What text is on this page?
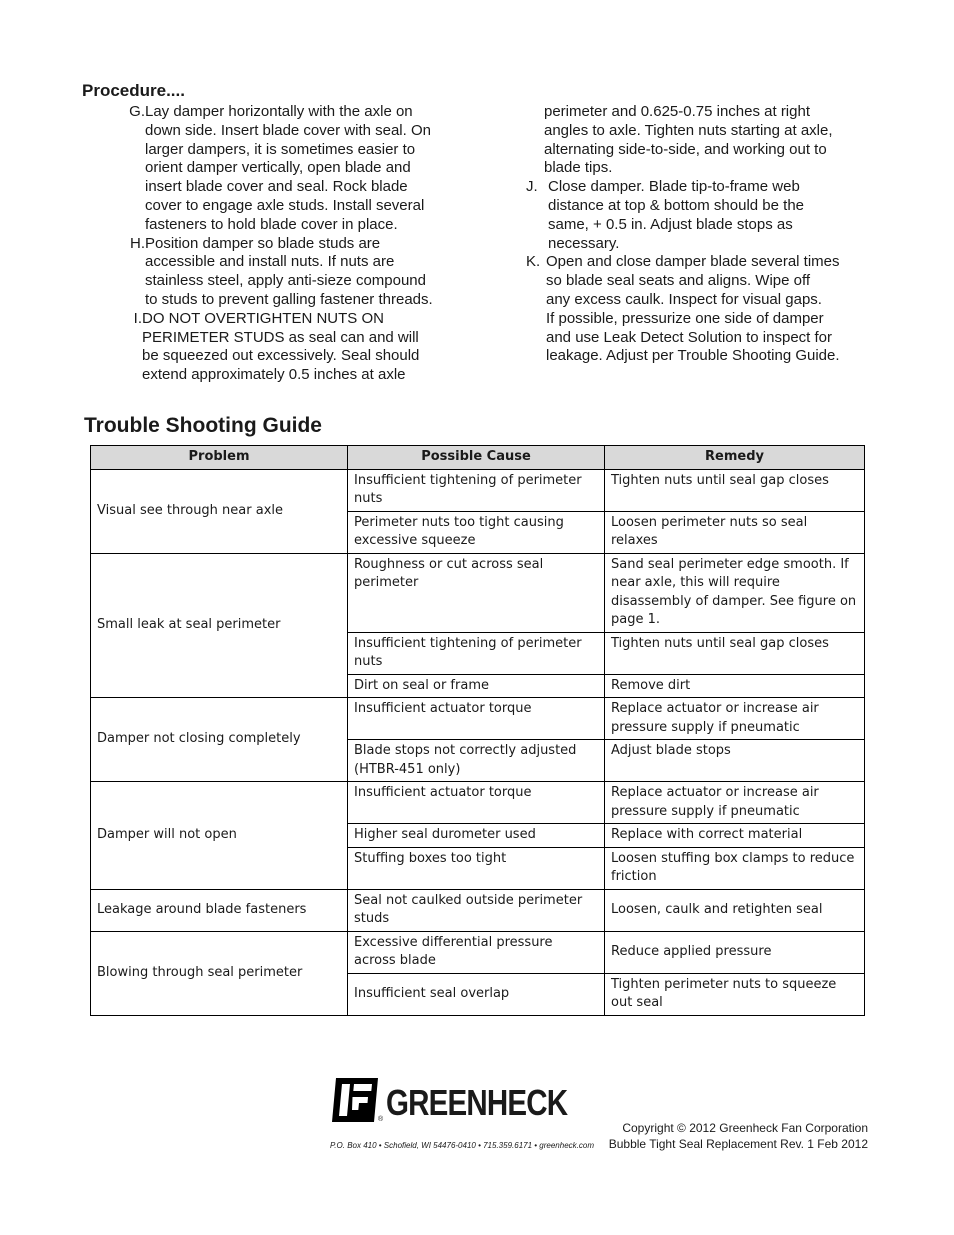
Procedure....
G. Lay damper horizontally with the axle on
down side. Insert blade cover with seal. On
larger dampers, it is sometimes easier to
orient damper vertically, open blade and
insert blade cover and seal. Rock blade
cover to engage axle studs. Install several
fasteners to hold blade cover in place.
H. Position damper so blade studs are
accessible and install nuts. If nuts are
stainless steel, apply anti-sieze compound
to studs to prevent galling fastener threads.
I. DO NOT OVERTIGHTEN NUTS ON
PERIMETER STUDS as seal can and will
be squeezed out excessively. Seal should
extend approximately 0.5 inches at axle
perimeter and 0.625-0.75 inches at right
angles to axle. Tighten nuts starting at axle,
alternating side-to-side, and working out to
blade tips.
J. Close damper. Blade tip-to-frame web
distance at top & bottom should be the
same, + 0.5 in. Adjust blade stops as
necessary.
K. Open and close damper blade several times
so blade seal seats and aligns. Wipe off
any excess caulk. Inspect for visual gaps.
If possible, pressurize one side of damper
and use Leak Detect Solution to inspect for
leakage. Adjust per Trouble Shooting Guide.
Trouble Shooting Guide
Problem	Possible Cause	Remedy
Visual see through near axle	Insufficient tightening of perimeter nuts	Tighten nuts until seal gap closes
	Perimeter nuts too tight causing excessive squeeze	Loosen perimeter nuts so seal relaxes
Small leak at seal perimeter	Roughness or cut across seal perimeter	Sand seal perimeter edge smooth. If near axle, this will require disassembly of damper. See figure on page 1.
	Insufficient tightening of perimeter nuts	Tighten nuts until seal gap closes
	Dirt on seal or frame	Remove dirt
Damper not closing completely	Insufficient actuator torque	Replace actuator or increase air pressure supply if pneumatic
	Blade stops not correctly adjusted (HTBR-451 only)	Adjust blade stops
Damper will not open	Insufficient actuator torque	Replace actuator or increase air pressure supply if pneumatic
	Higher seal durometer used	Replace with correct material
	Stuffing boxes too tight	Loosen stuffing box clamps to reduce friction
Leakage around blade fasteners	Seal not caulked outside perimeter studs	Loosen, caulk and retighten seal
Blowing through seal perimeter	Excessive differential pressure across blade	Reduce applied pressure
	Insufficient seal overlap	Tighten perimeter nuts to squeeze out seal
® GREENHECK
P.O. Box 410 • Schofield, WI 54476-0410 • 715.359.6171 • greenheck.com
Copyright © 2012 Greenheck Fan Corporation
Bubble Tight Seal Replacement Rev. 1 Feb 2012
